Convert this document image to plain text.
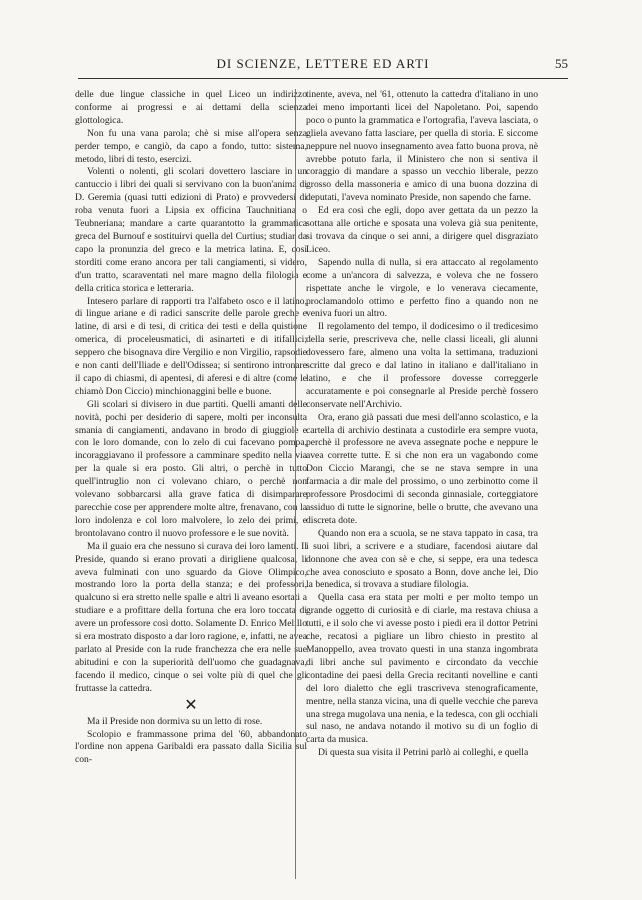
DI SCIENZE, LETTERE ED ARTI	55

delle due lingue classiche in quel Liceo un indirizzo conforme ai progressi e ai dettami della scienza glottologica.

Non fu una vana parola; chè si mise all'opera senza perder tempo, e cangiò, da capo a fondo, tutto: sistema, metodo, libri di testo, esercizi.

Volenti o nolenti, gli scolari dovettero lasciare in un cantuccio i libri dei quali si servivano con la buon'anima di D. Geremia (quasi tutti edizioni di Prato) e provvedersi di roba venuta fuori a Lipsia ex officina Tauchnitiana o Teubneriana; mandare a carte quarantotto la grammatica greca del Burnouf e sostituirvi quella del Curtius; studiar da capo la pronunzia del greco e la metrica latina. E, così storditi come erano ancora per tali cangiamenti, si videro, d'un tratto, scaraventati nel mare magno della filologia e della critica storica e letteraria.

Intesero parlare di rapporti tra l'alfabeto osco e il latino, di lingue ariane e di radici sanscrite delle parole greche e latine, di arsi e di tesi, di critica dei testi e della quistione omerica, di proceleusmatici, di asinarteti e di itifallici; seppero che bisognava dire Vergilio e non Virgilio, rapsodie e non canti dell'Iliade e dell'Odissea; si sentirono intronare il capo di chiasmi, di apentesi, di aferesi e di altre (come le chiamò Don Ciccio) minchionaggini belle e buone.

Gli scolari si divisero in due partiti. Quelli amanti delle novità, pochi per desiderio di sapere, molti per inconsulta smania di cangiamenti, andavano in brodo di giuggiole e con le loro domande, con lo zelo di cui facevano pompa, incoraggiavano il professore a camminare spedito nella via per la quale si era posto. Gli altri, o perchè in tutto quell'intruglio non ci volevano chiaro, o perchè non volevano sobbarcarsi alla grave fatica di disimparare parecchie cose per apprendere molte altre, frenavano, con la loro indolenza e col loro malvolere, lo zelo dei primi, e brontolavano contro il nuovo professore e le sue novità.

Ma il guaio era che nessuno si curava dei loro lamenti. Il Preside, quando si erano provati a dirigliene qualcosa, li aveva fulminati con uno sguardo da Giove Olimpico, mostrando loro la porta della stanza; e dei professori, qualcuno si era stretto nelle spalle e altri li aveano esortati a studiare e a profittare della fortuna che era loro toccata di avere un professore così dotto. Solamente D. Enrico Melillo si era mostrato disposto a dar loro ragione, e, infatti, ne avea parlato al Preside con la rude franchezza che era nelle sue abitudini e con la superiorità dell'uomo che guadagnava, facendo il medico, cinque o sei volte più di quel che gli fruttasse la cattedra.

✕

Ma il Preside non dormiva su un letto di rose.

Scolopio e frammassone prima del '60, abbandonato l'ordine non appena Garibaldi era passato dalla Sicilia sul con-

tinente, aveva, nel '61, ottenuto la cattedra d'italiano in uno dei meno importanti licei del Napoletano. Poi, sapendo poco o punto la grammatica e l'ortografia, l'aveva lasciata, o gliela avevano fatta lasciare, per quella di storia. E siccome neppure nel nuovo insegnamento avea fatto buona prova, nè avrebbe potuto farla, il Ministero che non si sentiva il coraggio di mandare a spasso un vecchio liberale, pezzo grosso della massoneria e amico di una buona dozzina di deputati, l'aveva nominato Preside, non sapendo che farne.

Ed era così che egli, dopo aver gettata da un pezzo la sottana alle ortiche e sposata una voleva già sua penitente, si trovava da cinque o sei anni, a dirigere quel disgraziato Liceo.

Sapendo nulla di nulla, si era attaccato al regolamento come a un'ancora di salvezza, e voleva che ne fossero rispettate anche le virgole, e lo venerava ciecamente, proclamandolo ottimo e perfetto fino a quando non ne veniva fuori un altro.

Il regolamento del tempo, il dodicesimo o il tredicesimo della serie, prescriveva che, nelle classi liceali, gli alunni dovessero fare, almeno una volta la settimana, traduzioni scritte dal greco e dal latino in italiano e dall'italiano in latino, e che il professore dovesse correggerle accuratamente e poi consegnarle al Preside perchè fossero conservate nell'Archivio.

Ora, erano già passati due mesi dell'anno scolastico, e la cartella di archivio destinata a custodirle era sempre vuota, perchè il professore ne aveva assegnate poche e neppure le avea corrette tutte. E si che non era un vagabondo come Don Ciccio Marangi, che se ne stava sempre in una farmacia a dir male del prossimo, o uno zerbinotto come il professore Prosdocimi di seconda ginnasiale, corteggiatore assiduo di tutte le signorine, belle o brutte, che avevano una discreta dote.

Quando non era a scuola, se ne stava tappato in casa, tra i suoi libri, a scrivere e a studiare, facendosi aiutare dal donnone che avea con sè e che, si seppe, era una tedesca che avea conosciuto e sposato a Bonn, dove anche lei, Dio la benedica, si trovava a studiare filologia.

Quella casa era stata per molti e per molto tempo un grande oggetto di curiosità e di ciarle, ma restava chiusa a tutti, e il solo che vi avesse posto i piedi era il dottor Petrini che, recatosi a pigliare un libro chiesto in prestito al Manoppello, avea trovato questi in una stanza ingombrata di libri anche sul pavimento e circondato da vecchie contadine dei paesi della Grecia recitanti novelline e canti del loro dialetto che egli trascriveva stenograficamente, mentre, nella stanza vicina, una di quelle vecchie che pareva una strega mugolava una nenia, e la tedesca, con gli occhiali sul naso, ne andava notando il motivo su di un foglio di carta da musica.

Di questa sua visita il Petrini parlò ai colleghi, e quella
